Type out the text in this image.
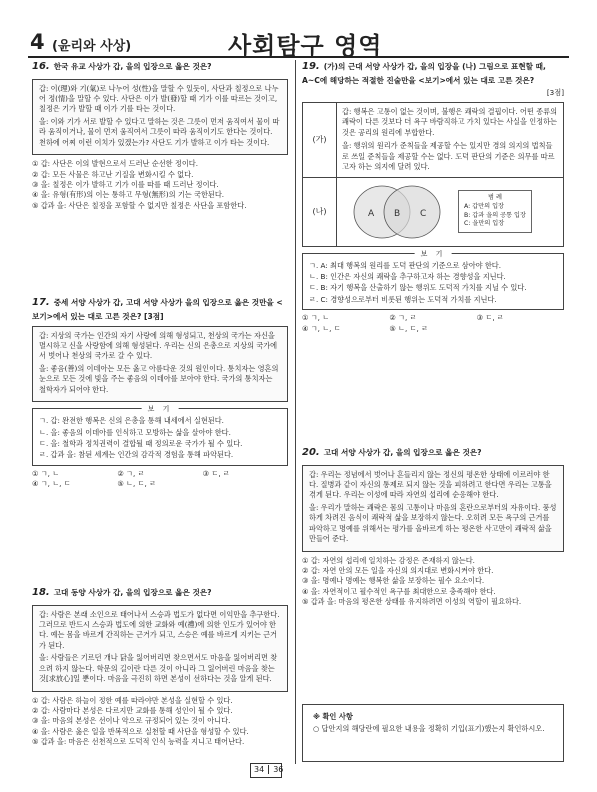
4 (윤리와 사상)	사회탐구 영역
16. 한국 유교 사상가 갑, 을의 입장으로 옳은 것은?

갑: 이(理)와 기(氣)로 나누어 성(性)을 말할 수 있듯이, 사단과 칠정으로 나누어 정(情)을 말할 수 있다. 사단은 이가 발(發)할 때 기가 이를 따르는 것이고, 칠정은 기가 발할 때 이가 기를 타는 것이다.

을: 이와 기가 서로 발할 수 있다고 말하는 것은 그릇이 먼저 움직여서 물이 따라 움직이거나, 물이 먼저 움직여서 그릇이 따라 움직이기도 한다는 것이다. 천하에 어찌 이런 이치가 있겠는가? 사단도 기가 발하고 이가 타는 것이다.

① 갑: 사단은 이의 발현으로서 드러난 순선한 정이다.

② 갑: 모든 사물은 하고난 기질을 변화시킬 수 없다.

③ 을: 칠정은 이가 발하고 기가 이를 따를 때 드러난 정이다.

④ 을: 유형(有形)의 이는 통하고 무형(無形)의 기는 국한된다.

⑤ 갑과 을: 사단은 칠정을 포함할 수 없지만 칠정은 사단을 포함한다.

17. 중세 서양 사상가 갑, 고대 서양 사상가 을의 입장으로 옳은 것만을 <보기>에서 있는 대로 고른 것은? [3점]

갑: 지상의 국가는 인간의 자기 사랑에 의해 형성되고, 천상의 국가는 자신을 멸시하고 신을 사랑함에 의해 형성된다. 우리는 신의 은총으로 지상의 국가에서 벗어나 천상의 국가로 갈 수 있다.

을: 좋음(善)의 이데아는 모든 옳고 아름다운 것의 원인이다. 통치자는 영혼의 눈으로 모든 것에 빛을 주는 좋음의 이데아를 보아야 한다. 국가의 통치자는 철학자가 되어야 한다.

보 기

ㄱ. 갑: 완전한 행복은 신의 은총을 통해 내세에서 실현된다.

ㄴ. 을: 좋음의 이데아를 인식하고 모방하는 삶을 살아야 한다.

ㄷ. 을: 철학과 정치권력이 결합될 때 정의로운 국가가 될 수 있다.

ㄹ. 갑과 을: 참된 세계는 인간의 감각적 경험을 통해 파악된다.

① ㄱ, ㄴ	② ㄱ, ㄹ	③ ㄷ, ㄹ
④ ㄱ, ㄴ, ㄷ	⑤ ㄴ, ㄷ, ㄹ
18. 고대 동양 사상가 갑, 을의 입장으로 옳은 것은?

갑: 사람은 본래 소인으로 태어나서 스승과 법도가 없다면 이익만을 추구한다. 그러므로 반드시 스승과 법도에 의한 교화와 예(禮)에 의한 인도가 있어야 한다. 예는 몸을 바르게 간직하는 근거가 되고, 스승은 예를 바르게 지키는 근거가 된다.

을: 사람들은 기르던 개나 닭을 잃어버리면 찾으면서도 마음을 잃어버리면 찾으려 하지 않는다. 학문의 길이란 다른 것이 아니라 그 잃어버린 마음을 찾는 것[求放心]일 뿐이다. 마음을 극진히 하면 본성이 선하다는 것을 알게 된다.

① 갑: 사람은 하늘이 정한 예를 따라야만 본성을 실현할 수 있다.

② 갑: 사람마다 본성은 다르지만 교화를 통해 성인이 될 수 있다.

③ 을: 마음의 본성은 선이나 악으로 규정되어 있는 것이 아니다.

④ 을: 사람은 옳은 일을 반복적으로 실천할 때 사단을 형성할 수 있다.

⑤ 갑과 을: 마음은 선천적으로 도덕적 인식 능력을 지니고 태어난다.

19. (가)의 근대 서양 사상가 갑, 을의 입장을 (나) 그림으로 표현할 때, A~C에 해당하는 적절한 진술만을 <보기>에서 있는 대로 고른 것은?
[3점]
(가)

갑: 행복은 고통이 없는 것이며, 불행은 쾌락의 결핍이다. 어떤 종류의 쾌락이 다른 것보다 더 욕구 바람직하고 가치 있다는 사실을 인정하는 것은 공리의 원리에 부합한다.

을: 행위의 원리가 준칙들을 제공할 수는 있지만 경의 의지의 법칙들로 쓰일 준칙들을 제공할 수는 없다. 도덕 판단의 기준은 의무를 따르고자 하는 의지에 달려 있다.

(나)	A B C
범 례
A: 갑만의 입장
B: 갑과 을의 공통 입장
C: 을만의 입장
보 기

ㄱ. A: 최대 행복의 원리를 도덕 판단의 기준으로 삼아야 한다.

ㄴ. B: 인간은 자신의 쾌락을 추구하고자 하는 경향성을 지닌다.

ㄷ. B: 자기 행복을 산출하기 않는 행위도 도덕적 가치를 지닐 수 있다.

ㄹ. C: 경향성으로부터 비롯된 행위는 도덕적 가치를 지닌다.

① ㄱ, ㄴ	② ㄱ, ㄹ	③ ㄷ, ㄹ
④ ㄱ, ㄴ, ㄷ	⑤ ㄴ, ㄷ, ㄹ
20. 고대 서양 사상가 갑, 을의 입장으로 옳은 것은?

갑: 우리는 정념에서 벗어나 흔들리지 않는 정신의 평온한 상태에 이르러야 한다. 질병과 같이 자신의 통제로 되지 않는 것을 피하려고 한다면 우리는 고통을 겪게 된다. 우리는 이성에 따라 자연의 섭리에 순응해야 한다.

을: 우리가 말하는 쾌락은 몸의 고통이나 마음의 혼란으로부터의 자유이다. 풍성하게 차려진 음식이 쾌락적 삶을 보장하지 않는다. 오히려 모든 욕구의 근거를 파악하고 명예를 위해서는 평가를 올바르게 하는 평온한 사고만이 쾌락적 삶을 만들어 준다.

① 갑: 자연의 섭리에 일치하는 감정은 존재하지 않는다.

② 갑: 자연 안의 모든 일을 자신의 의지대로 변화시켜야 한다.

③ 을: 명예나 명예는 행복한 삶을 보장하는 필수 요소이다.

④ 을: 자연적이고 필수적인 욕구를 최대한으로 충족해야 한다.

⑤ 갑과 을: 마음의 평온한 상태를 유지하려면 이성의 역할이 필요하다.

※ 확인 사항
○ 답안지의 해당란에 필요한 내용을 정확히 기입(표기)했는지 확인하시오.
34 36
